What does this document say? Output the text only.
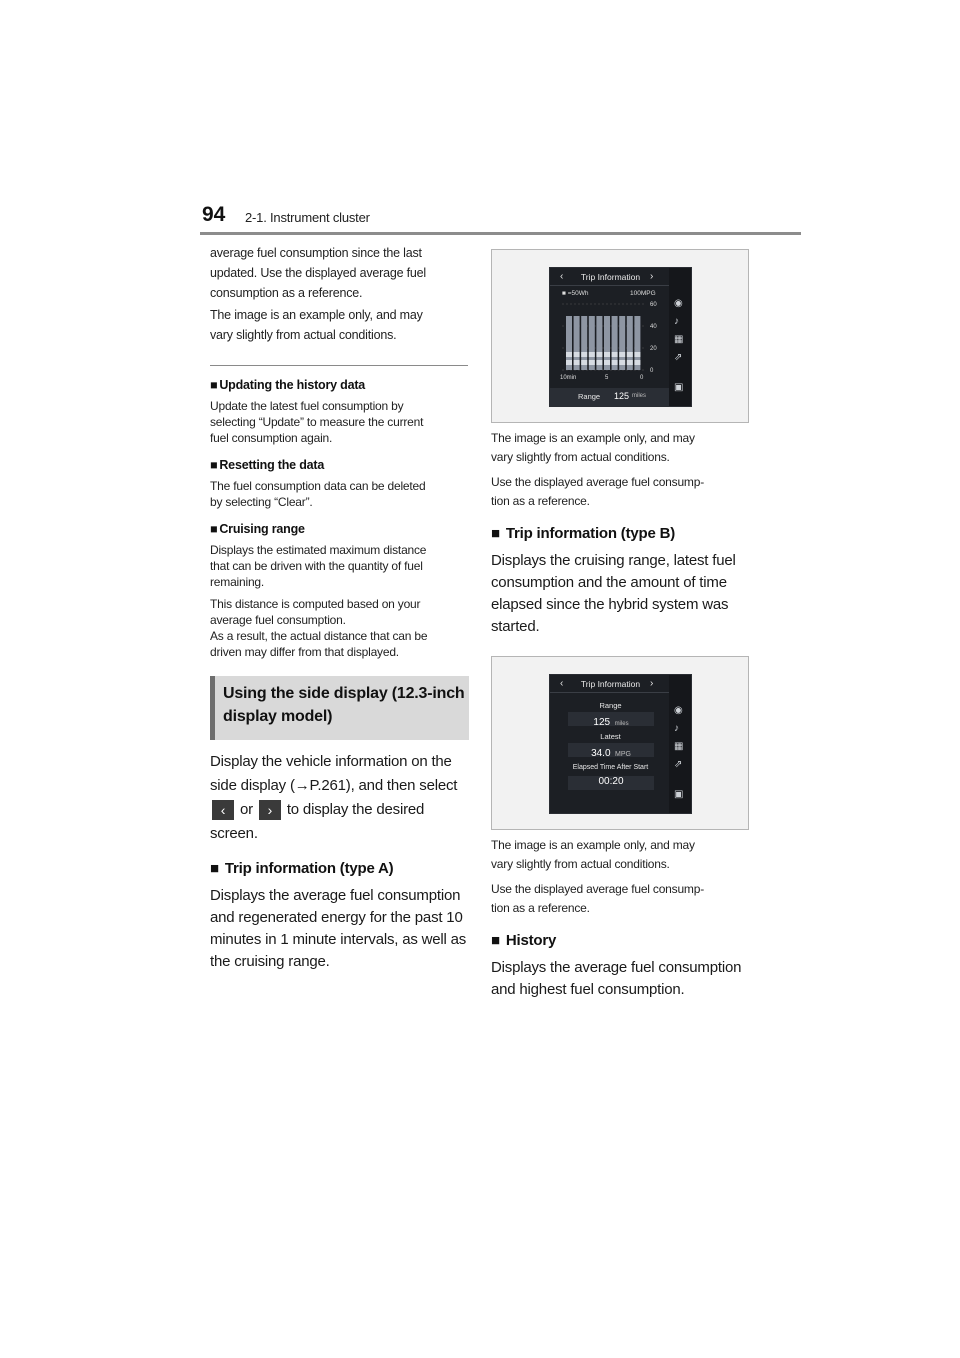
94 2-1. Instrument cluster

average fuel consumption since the last
updated. Use the displayed average fuel
consumption as a reference.

The image is an example only, and may
vary slightly from actual conditions.

■ Updating the history data

Update the latest fuel consumption by
selecting “Update” to measure the current
fuel consumption again.

■ Resetting the data

The fuel consumption data can be deleted
by selecting “Clear”.

■ Cruising range

Displays the estimated maximum distance
that can be driven with the quantity of fuel
remaining.

This distance is computed based on your
average fuel consumption.
As a result, the actual distance that can be
driven may differ from that displayed.

Using the side display (12.3-inch
display model)

Display the vehicle information on the
side display (→P.261), and then select
‹ or › to display the desired
screen.

■ Trip information (type A)

Displays the average fuel consumption
and regenerated energy for the past 10
minutes in 1 minute intervals, as well as
the cruising range.

‹	Trip Information ›
■ =50Wh	100MPG
60
40
20
0
10min	5	0
Range 125 miles
◉
♪
▦
⇗
▣

The image is an example only, and may
vary slightly from actual conditions.

Use the displayed average fuel consump-
tion as a reference.

■ Trip information (type B)

Displays the cruising range, latest fuel
consumption and the amount of time
elapsed since the hybrid system was
started.

‹	Trip Information ›
Range
125 miles
Latest
34.0 MPG
Elapsed Time After Start
00:20
◉
♪
▦
⇗
▣

The image is an example only, and may
vary slightly from actual conditions.

Use the displayed average fuel consump-
tion as a reference.

■ History

Displays the average fuel consumption
and highest fuel consumption.
